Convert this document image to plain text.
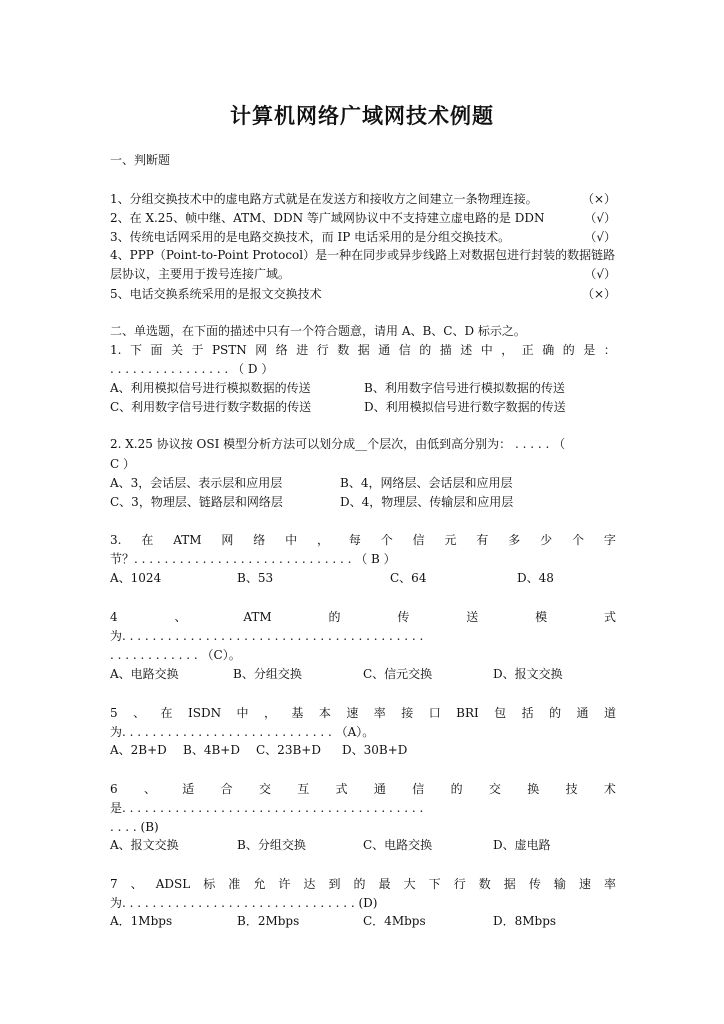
计算机网络广域网技术例题
一、判断题
1、分组交换技术中的虚电路方式就是在发送方和接收方之间建立一条物理连接。	（×）
2、在 X.25、帧中继、ATM、DDN 等广域网协议中不支持建立虚电路的是 DDN	（√）
3、传统电话网采用的是电路交换技术，而 IP 电话采用的是分组交换技术。	（√）
4、PPP（Point-to-Point Protocol）是一种在同步或异步线路上对数据包进行封装的数据链路
层协议，主要用于拨号连接广域。	（√）
5、电话交换系统采用的是报文交换技术	（×）
二、单选题，在下面的描述中只有一个符合题意，请用 A、B、C、D 标示之。
1. 下 面 关 于 PSTN 网 络 进 行 数 据 通 信 的 描 述 中 ， 正 确 的 是 ：
. . . . . . . . . . . . . . . . （ D ）
A、利用模拟信号进行模拟数据的传送	B、利用数字信号进行模拟数据的传送
C、利用数字信号进行数字数据的传送	D、利用模拟信号进行数字数据的传送
2. X.25 协议按 OSI 模型分析方法可以划分成__个层次，由低到高分别为： . . . . . （
C ）
A、3，会话层、表示层和应用层	B、4，网络层、会话层和应用层
C、3，物理层、链路层和网络层	D、4，物理层、传输层和应用层
3. 在 ATM 网 络 中 ， 每 个 信 元 有 多 少 个 字
节？. . . . . . . . . . . . . . . . . . . . . . . . . . . . . （ B ）
A、1024	B、53	C、64	D、48
4	、	ATM	的	传	送	模	式
为. . . . . . . . . . . . . . . . . . . . . . . . . . . . . . . . . . . . . . . .
. . . . . . . . . . . . （C）。
A、电路交换	B、分组交换	C、信元交换	D、报文交换
5 、 在 ISDN 中 ， 基 本 速 率 接 口 BRI 包 括 的 通 道
为. . . . . . . . . . . . . . . . . . . . . . . . . . . . （A）。
A、2B+D B、4B+D C、23B+D D、30B+D
6 、 适 合 交 互 式 通 信 的 交 换 技 术
是. . . . . . . . . . . . . . . . . . . . . . . . . . . . . . . . . . . . . . . .
. . . . (B)
A、报文交换	B、分组交换	C、电路交换	D、虚电路
7 、 ADSL 标 准 允 许 达 到 的 最 大 下 行 数 据 传 输 速 率
为. . . . . . . . . . . . . . . . . . . . . . . . . . . . . . . (D)
A．1Mbps	B．2Mbps	C．4Mbps	D．8Mbps
